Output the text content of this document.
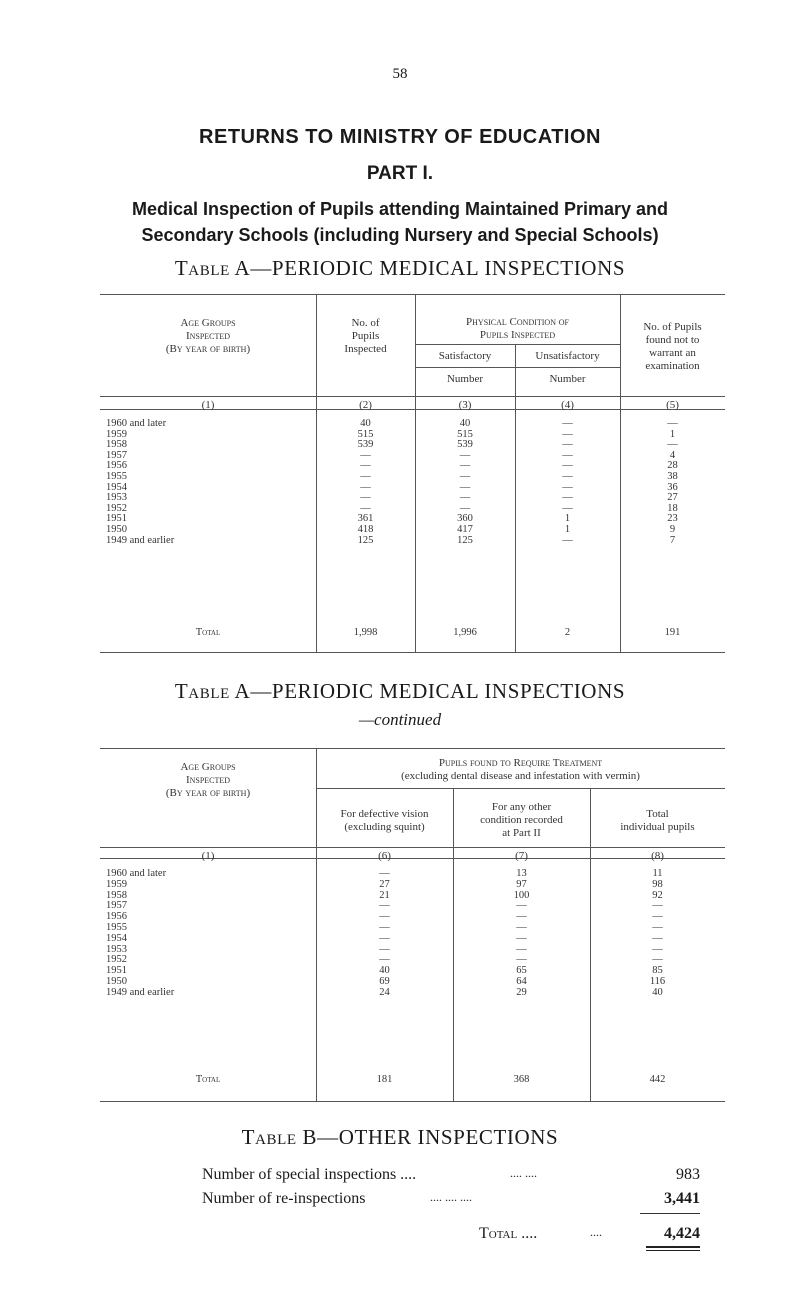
58
RETURNS TO MINISTRY OF EDUCATION
PART I.
Medical Inspection of Pupils attending Maintained Primary and
Secondary Schools (including Nursery and Special Schools)
Table A—PERIODIC MEDICAL INSPECTIONS
Age Groups
Inspected
(By year of birth)
No. of
Pupils
Inspected
Physical Condition of
Pupils Inspected
Satisfactory	Unsatisfactory
Number	Number
No. of Pupils
found not to
warrant an
examination
(1)	(2)	(3)	(4)	(5)
1960 and later	40	40	—	—
1959	515	515	—	1
1958	539	539	—	—
1957	—	—	—	4
1956	—	—	—	28
1955	—	—	—	38
1954	—	—	—	36
1953	—	—	—	27
1952	—	—	—	18
1951	361	360	1	23
1950	418	417	1	9
1949 and earlier	125	125	—	7
Total	1,998	1,996	2	191
Table A—PERIODIC MEDICAL INSPECTIONS
—continued
Age Groups
Inspected
(By year of birth)
Pupils found to Require Treatment
(excluding dental disease and infestation with vermin)
For defective vision
(excluding squint)
For any other
condition recorded
at Part II
Total
individual pupils
(1)	(6)	(7)	(8)
1960 and later	—	13	11
1959	27	97	98
1958	21	100	92
1957	—	—	—
1956	—	—	—
1955	—	—	—
1954	—	—	—
1953	—	—	—
1952	—	—	—
1951	40	65	85
1950	69	64	116
1949 and earlier	24	29	40
Total	181	368	442
Table B—OTHER INSPECTIONS
Number of special inspections ....	.... ....	983
Number of re-inspections	.... .... ....	3,441
Total ....	....	4,424
